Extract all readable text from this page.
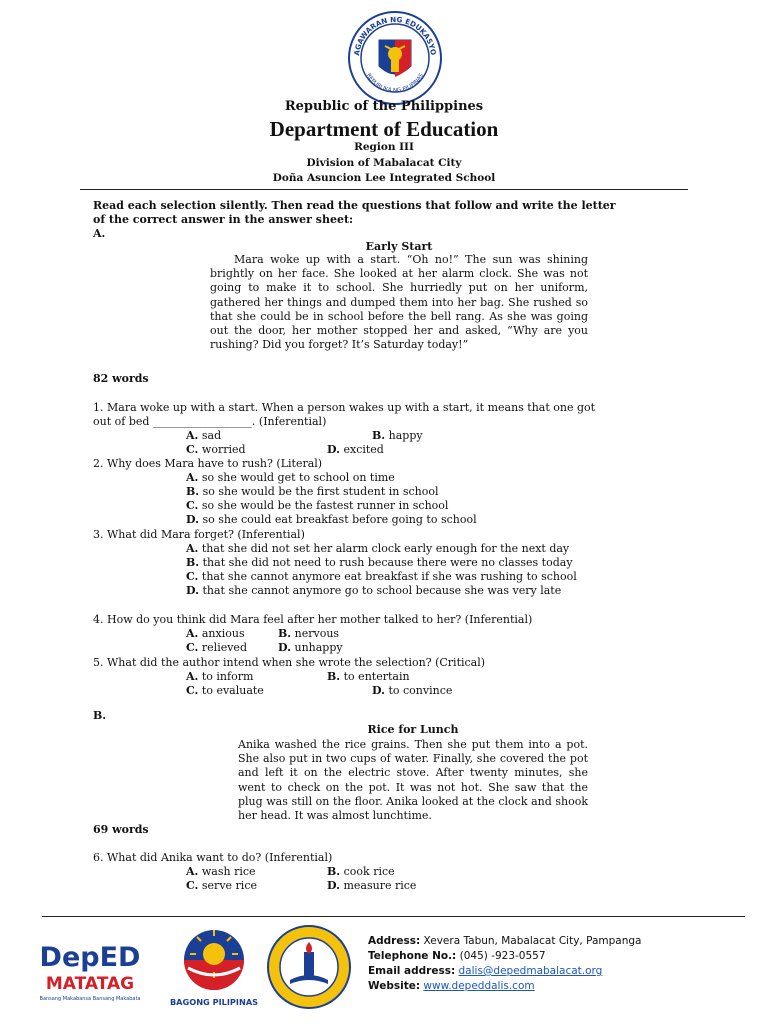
AGAWARAN NG EDUKASYO
REPUBLIKA NG PILIPINAS
Republic of the Philippines
Department of Education
Region III
Division of Mabalacat City
Doña Asuncion Lee Integrated School
Read each selection silently. Then read the questions that follow and write the letter
of the correct answer in the answer sheet:
A.
Early Start
Mara woke up with a start. “Oh no!” The sun was shining brightly on her face. She looked at her alarm clock. She was not going to make it to school. She hurriedly put on her uniform, gathered her things and dumped them into her bag. She rushed so that she could be in school before the bell rang. As she was going out the door, her mother stopped her and asked, “Why are you rushing? Did you forget? It’s Saturday today!”
82 words
1. Mara woke up with a start. When a person wakes up with a start, it means that one got
out of bed __________________. (Inferential)
A. sad	B. happy
C. worried	D. excited
2. Why does Mara have to rush? (Literal)
A. so she would get to school on time
B. so she would be the first student in school
C. so she would be the fastest runner in school
D. so she could eat breakfast before going to school
3. What did Mara forget? (Inferential)
A. that she did not set her alarm clock early enough for the next day
B. that she did not need to rush because there were no classes today
C. that she cannot anymore eat breakfast if she was rushing to school
D. that she cannot anymore go to school because she was very late
4. How do you think did Mara feel after her mother talked to her? (Inferential)
A. anxious	B. nervous
C. relieved	D. unhappy
5. What did the author intend when she wrote the selection? (Critical)
A. to inform	B. to entertain
C. to evaluate	D. to convince
B.
Rice for Lunch
Anika washed the rice grains. Then she put them into a pot. She also put in two cups of water. Finally, she covered the pot and left it on the electric stove. After twenty minutes, she went to check on the pot. It was not hot. She saw that the plug was still on the floor. Anika looked at the clock and shook her head. It was almost lunchtime.
69 words
6. What did Anika want to do? (Inferential)
A. wash rice	B. cook rice
C. serve rice	D. measure rice
DepED
MATATAG
Bansang Makabansa Bansang Makabata	BAGONG PILIPINAS
Address: Xevera Tabun, Mabalacat City, Pampanga
Telephone No.: (045) -923-0557
Email address: dalis@depedmabalacat.org
Website: www.depeddalis.com
